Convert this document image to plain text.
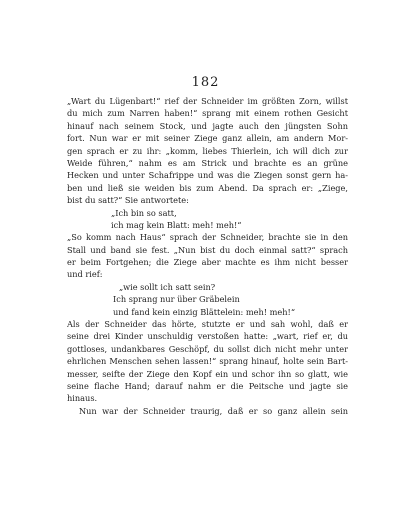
182
„Wart du Lügenbart!“ rief der Schneider im größten Zorn, willst
du mich zum Narren haben!“ sprang mit einem rothen Gesicht
hinauf nach seinem Stock, und jagte auch den jüngsten Sohn
fort. Nun war er mit seiner Ziege ganz allein, am andern Mor-
gen sprach er zu ihr: „komm, liebes Thierlein, ich will dich zur
Weide führen,“ nahm es am Strick und brachte es an grüne
Hecken und unter Schafrippe und was die Ziegen sonst gern ha-
ben und ließ sie weiden bis zum Abend. Da sprach er: „Ziege,
bist du satt?“ Sie antwortete:
„Ich bin so satt,
ich mag kein Blatt: meh! meh!“
„So komm nach Haus“ sprach der Schneider, brachte sie in den
Stall und band sie fest. „Nun bist du doch einmal satt?“ sprach
er beim Fortgehen; die Ziege aber machte es ihm nicht besser
und rief:
„wie sollt ich satt sein?
Ich sprang nur über Gräbelein
und fand kein einzig Blättelein: meh! meh!“
Als der Schneider das hörte, stutzte er und sah wohl, daß er
seine drei Kinder unschuldig verstoßen hatte: „wart, rief er, du
gottloses, undankbares Geschöpf, du sollst dich nicht mehr unter
ehrlichen Menschen sehen lassen!“ sprang hinauf, holte sein Bart-
messer, seifte der Ziege den Kopf ein und schor ihn so glatt, wie
seine flache Hand; darauf nahm er die Peitsche und jagte sie
hinaus.
Nun war der Schneider traurig, daß er so ganz allein sein
